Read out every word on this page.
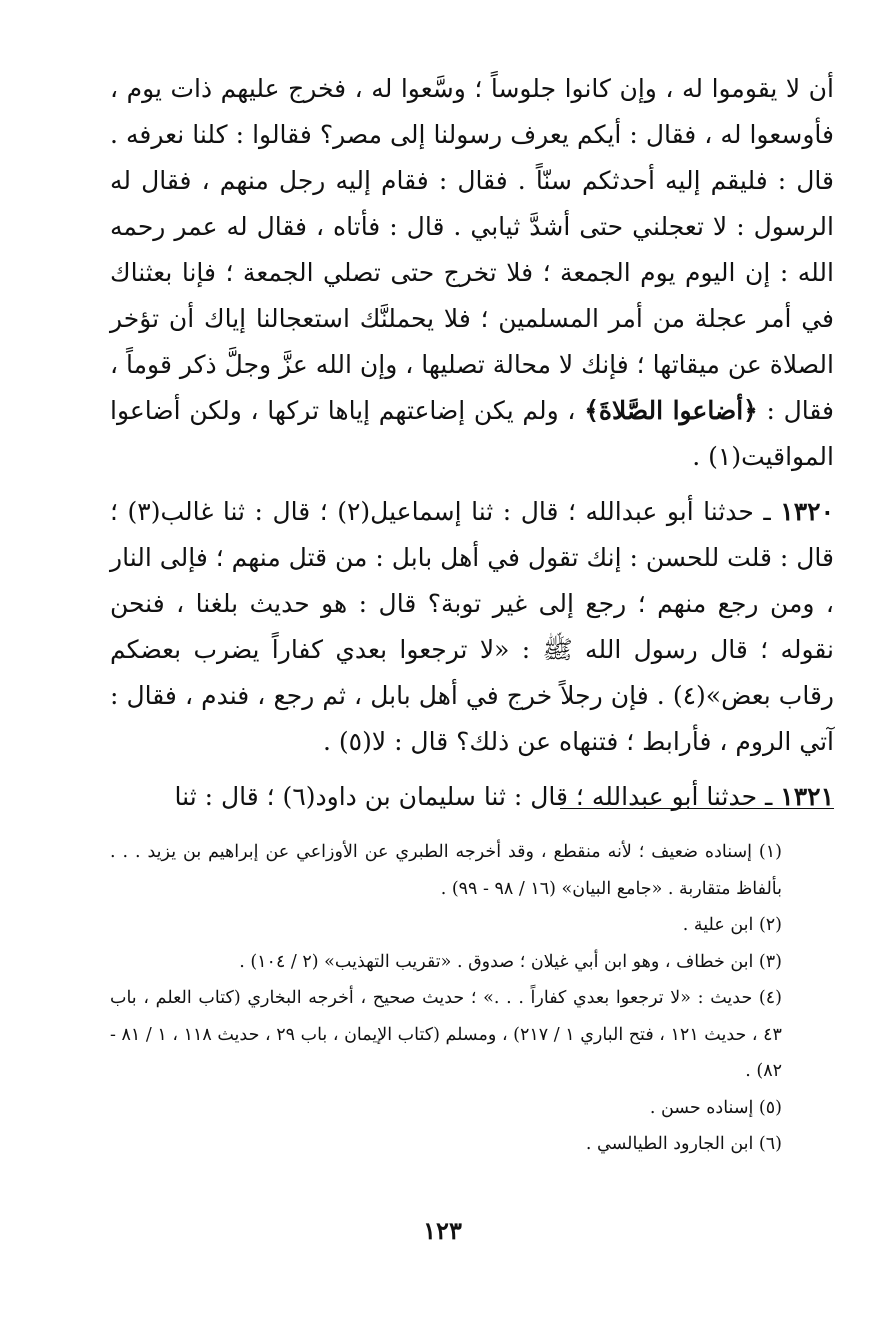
أن لا يقوموا له ، وإن كانوا جلوساً ؛ وسَّعوا له ، فخرج عليهم ذات يوم ، فأوسعوا له ، فقال : أيكم يعرف رسولنا إلى مصر؟ فقالوا : كلنا نعرفه . قال : فليقم إليه أحدثكم سنّاً . فقال : فقام إليه رجل منهم ، فقال له الرسول : لا تعجلني حتى أشدَّ ثيابي . قال : فأتاه ، فقال له عمر رحمه الله : إن اليوم يوم الجمعة ؛ فلا تخرج حتى تصلي الجمعة ؛ فإنا بعثناك في أمر عجلة من أمر المسلمين ؛ فلا يحملنَّك استعجالنا إياك أن تؤخر الصلاة عن ميقاتها ؛ فإنك لا محالة تصليها ، وإن الله عزَّ وجلَّ ذكر قوماً ، فقال : ﴿أضاعوا الصَّلاةَ﴾ ، ولم يكن إضاعتهم إياها تركها ، ولكن أضاعوا المواقيت(١) .

١٣٢٠ ـ حدثنا أبو عبدالله ؛ قال : ثنا إسماعيل(٢) ؛ قال : ثنا غالب(٣) ؛ قال : قلت للحسن : إنك تقول في أهل بابل : من قتل منهم ؛ فإلى النار ، ومن رجع منهم ؛ رجع إلى غير توبة؟ قال : هو حديث بلغنا ، فنحن نقوله ؛ قال رسول الله ﷺ : «لا ترجعوا بعدي كفاراً يضرب بعضكم رقاب بعض»(٤) . فإن رجلاً خرج في أهل بابل ، ثم رجع ، فندم ، فقال : آتي الروم ، فأرابط ؛ فتنهاه عن ذلك؟ قال : لا(٥) .

١٣٢١ ـ حدثنا أبو عبدالله ؛ قال : ثنا سليمان بن داود(٦) ؛ قال : ثنا

(١) إسناده ضعيف ؛ لأنه منقطع ، وقد أخرجه الطبري عن الأوزاعي عن إبراهيم بن يزيد . . . بألفاظ متقاربة . «جامع البيان» (١٦ / ٩٨ - ٩٩) .

(٢) ابن علية .

(٣) ابن خطاف ، وهو ابن أبي غيلان ؛ صدوق . «تقريب التهذيب» (٢ / ١٠٤) .

(٤) حديث : «لا ترجعوا بعدي كفاراً . . .» ؛ حديث صحيح ، أخرجه البخاري (كتاب العلم ، باب ٤٣ ، حديث ١٢١ ، فتح الباري ١ / ٢١٧) ، ومسلم (كتاب الإيمان ، باب ٢٩ ، حديث ١١٨ ، ١ / ٨١ - ٨٢) .

(٥) إسناده حسن .

(٦) ابن الجارود الطيالسي .

١٢٣
